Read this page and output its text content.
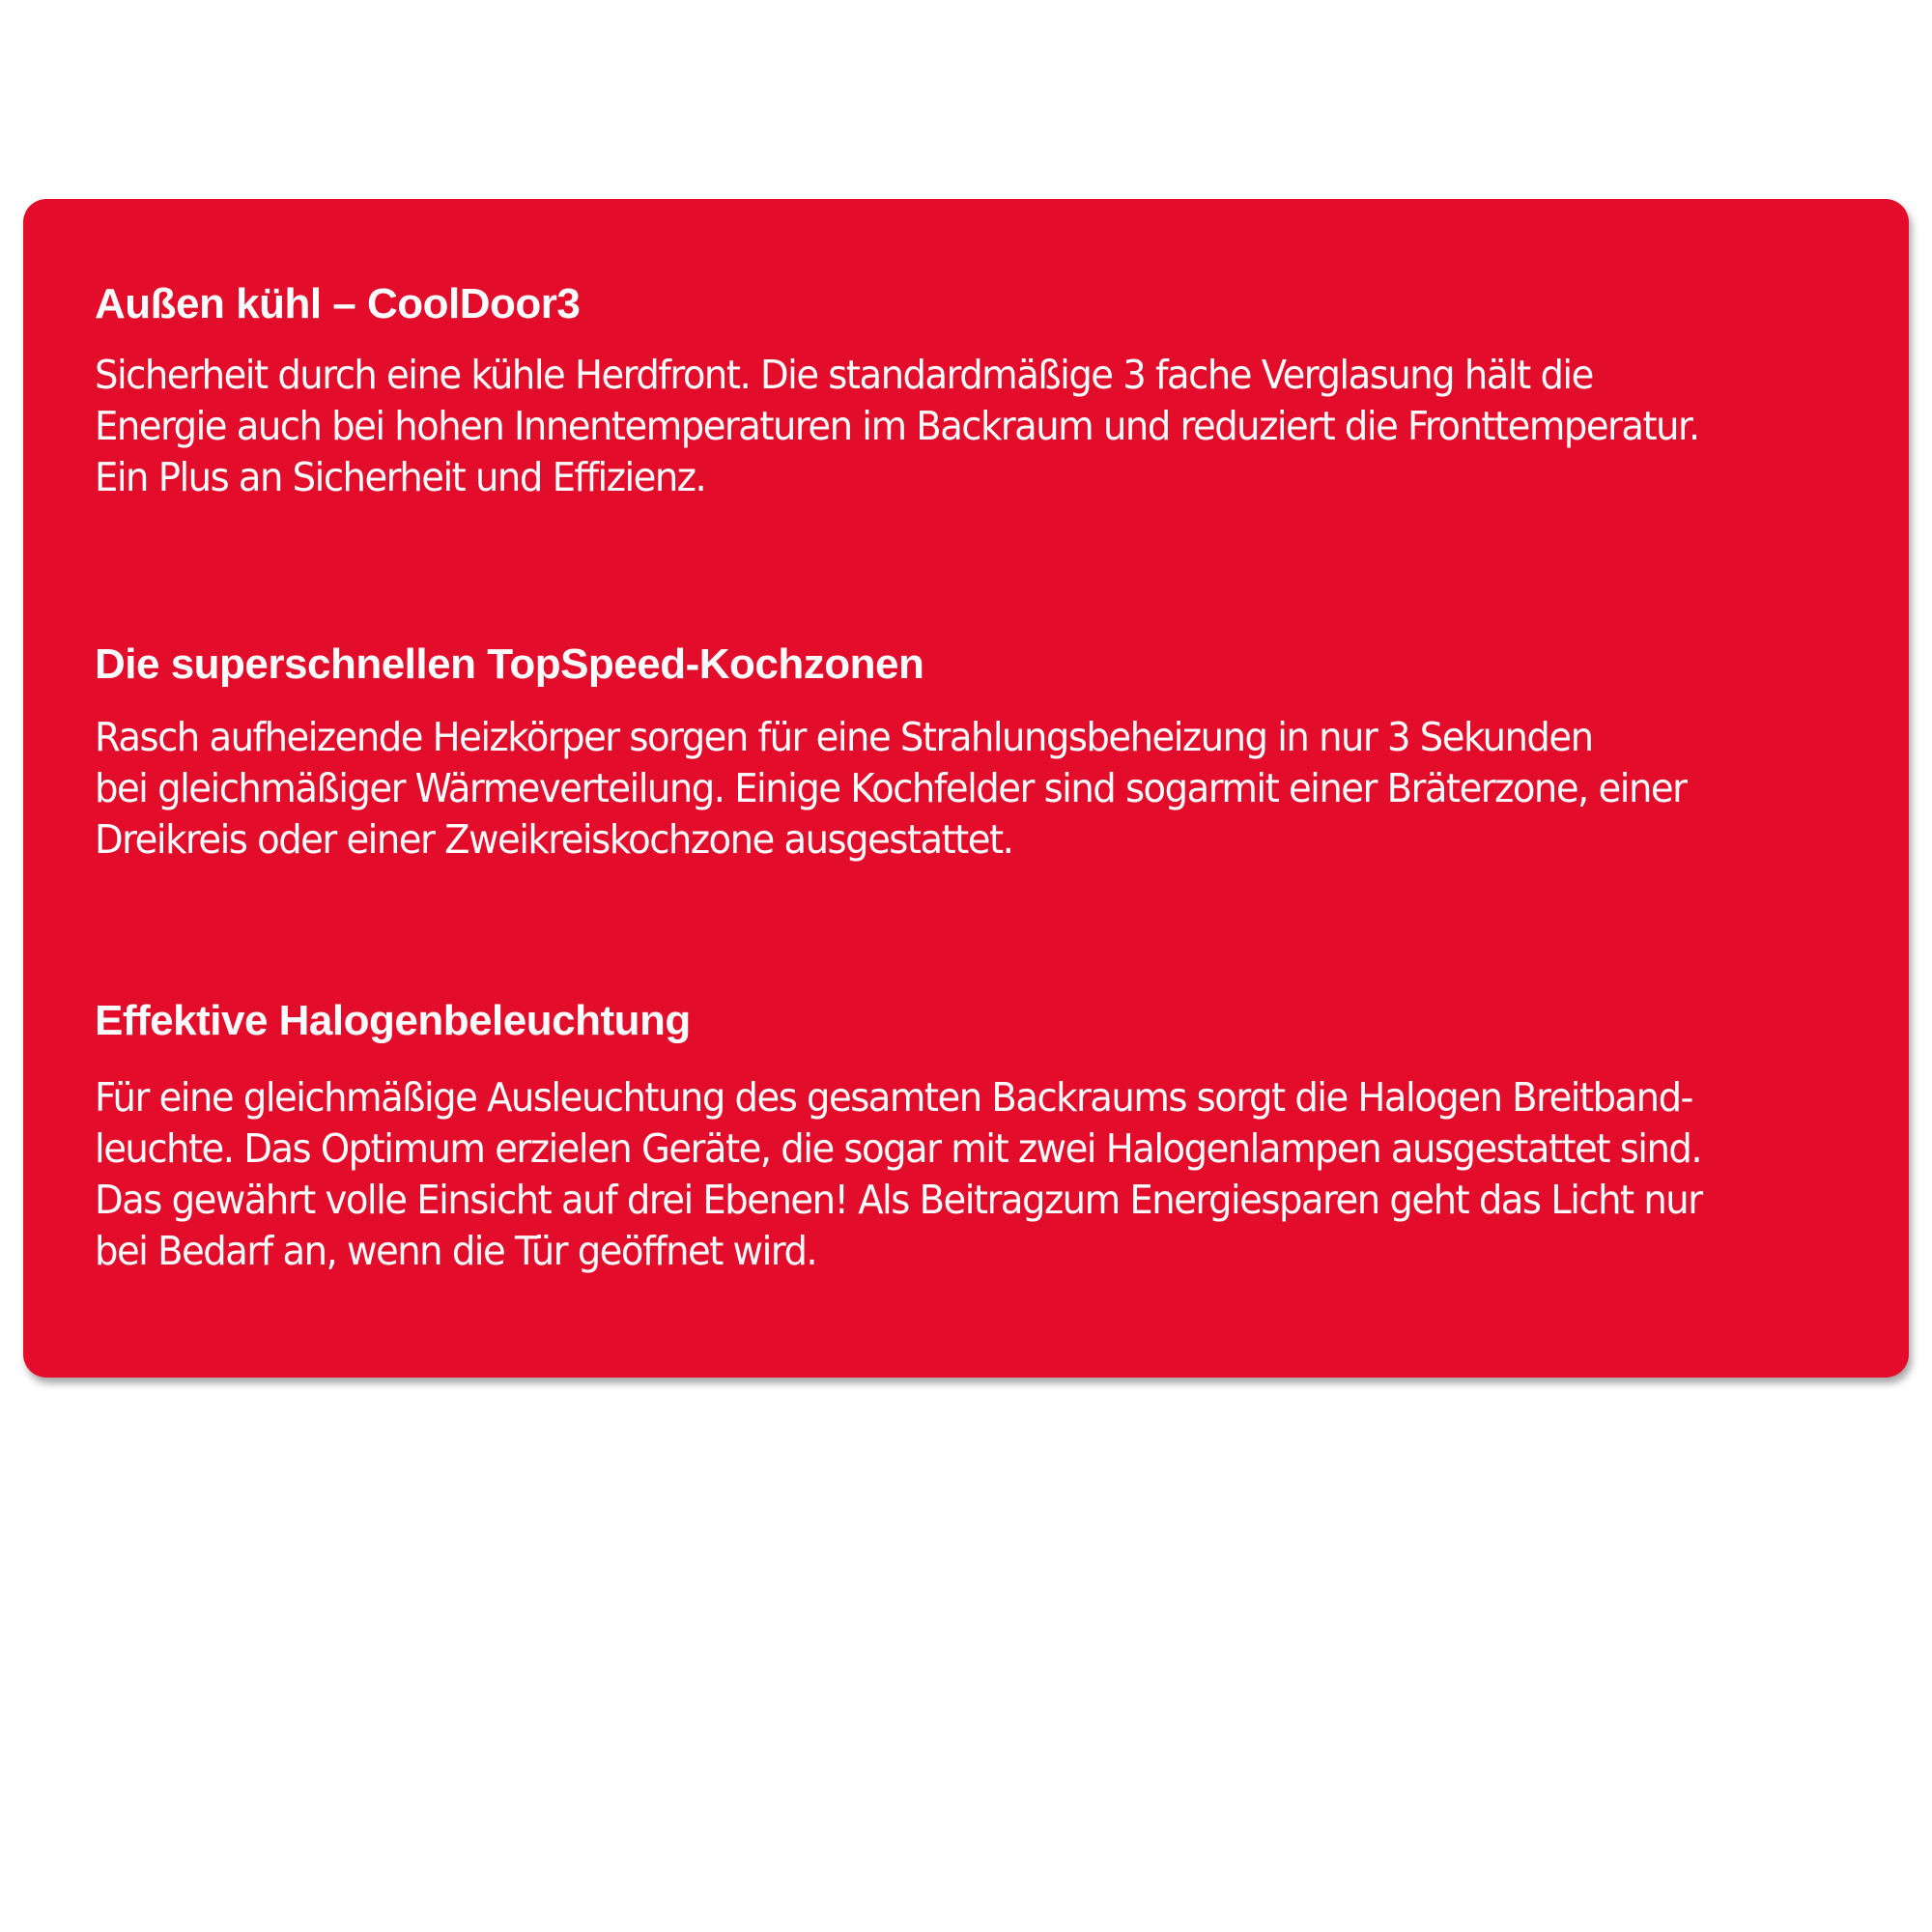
Außen kühl – CoolDoor3

Sicherheit durch eine kühle Herdfront. Die standardmäßige 3 fache Verglasung hält die

Energie auch bei hohen Innentemperaturen im Backraum und reduziert die Fronttemperatur.

Ein Plus an Sicherheit und Effizienz.

Die superschnellen TopSpeed-Kochzonen

Rasch aufheizende Heizkörper sorgen für eine Strahlungsbeheizung in nur 3 Sekunden

bei gleichmäßiger Wärmeverteilung. Einige Kochfelder sind sogarmit einer Bräterzone, einer

Dreikreis oder einer Zweikreiskochzone ausgestattet.

Effektive Halogenbeleuchtung

Für eine gleichmäßige Ausleuchtung des gesamten Backraums sorgt die Halogen Breitband-

leuchte. Das Optimum erzielen Geräte, die sogar mit zwei Halogenlampen ausgestattet sind.

Das gewährt volle Einsicht auf drei Ebenen! Als Beitragzum Energiesparen geht das Licht nur

bei Bedarf an, wenn die Tür geöffnet wird.
